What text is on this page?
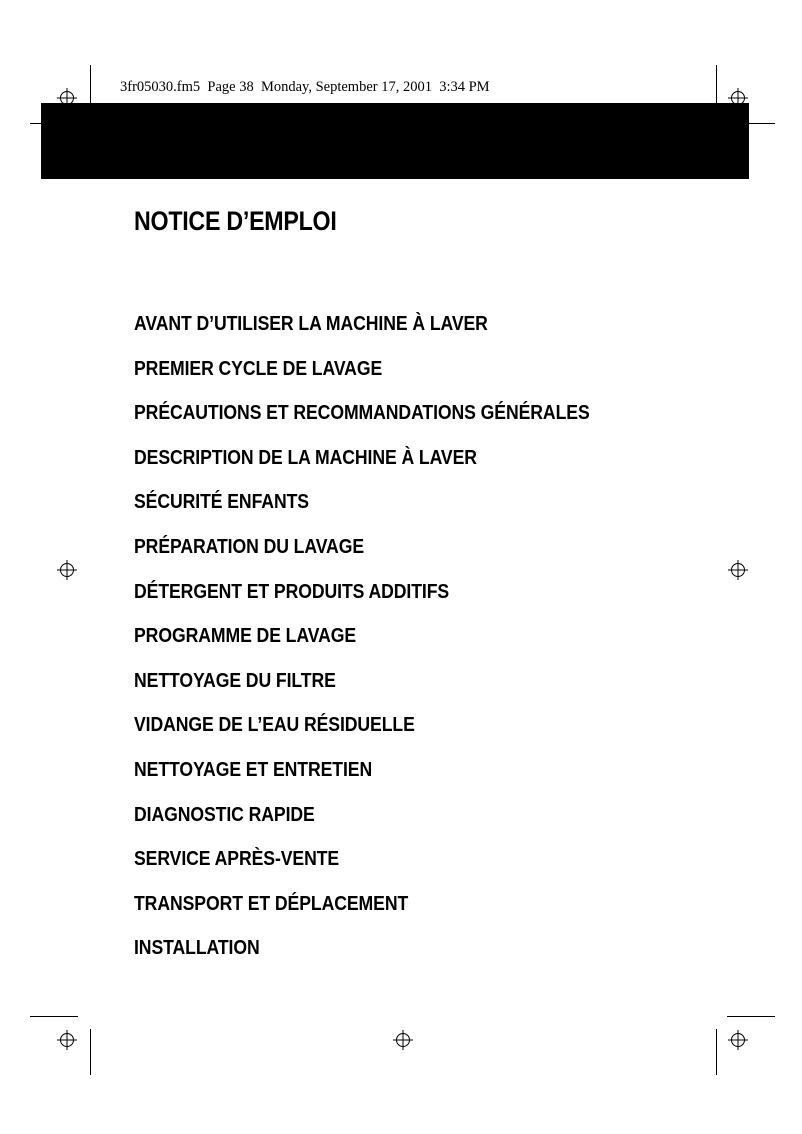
3fr05030.fm5  Page 38  Monday, September 17, 2001  3:34 PM
NOTICE D’EMPLOI
AVANT D’UTILISER LA MACHINE À LAVER
PREMIER CYCLE DE LAVAGE
PRÉCAUTIONS ET RECOMMANDATIONS GÉNÉRALES
DESCRIPTION DE LA MACHINE À LAVER
SÉCURITÉ ENFANTS
PRÉPARATION DU LAVAGE
DÉTERGENT ET PRODUITS ADDITIFS
PROGRAMME DE LAVAGE
NETTOYAGE DU FILTRE
VIDANGE DE L’EAU RÉSIDUELLE
NETTOYAGE ET ENTRETIEN
DIAGNOSTIC RAPIDE
SERVICE APRÈS-VENTE
TRANSPORT ET DÉPLACEMENT
INSTALLATION
